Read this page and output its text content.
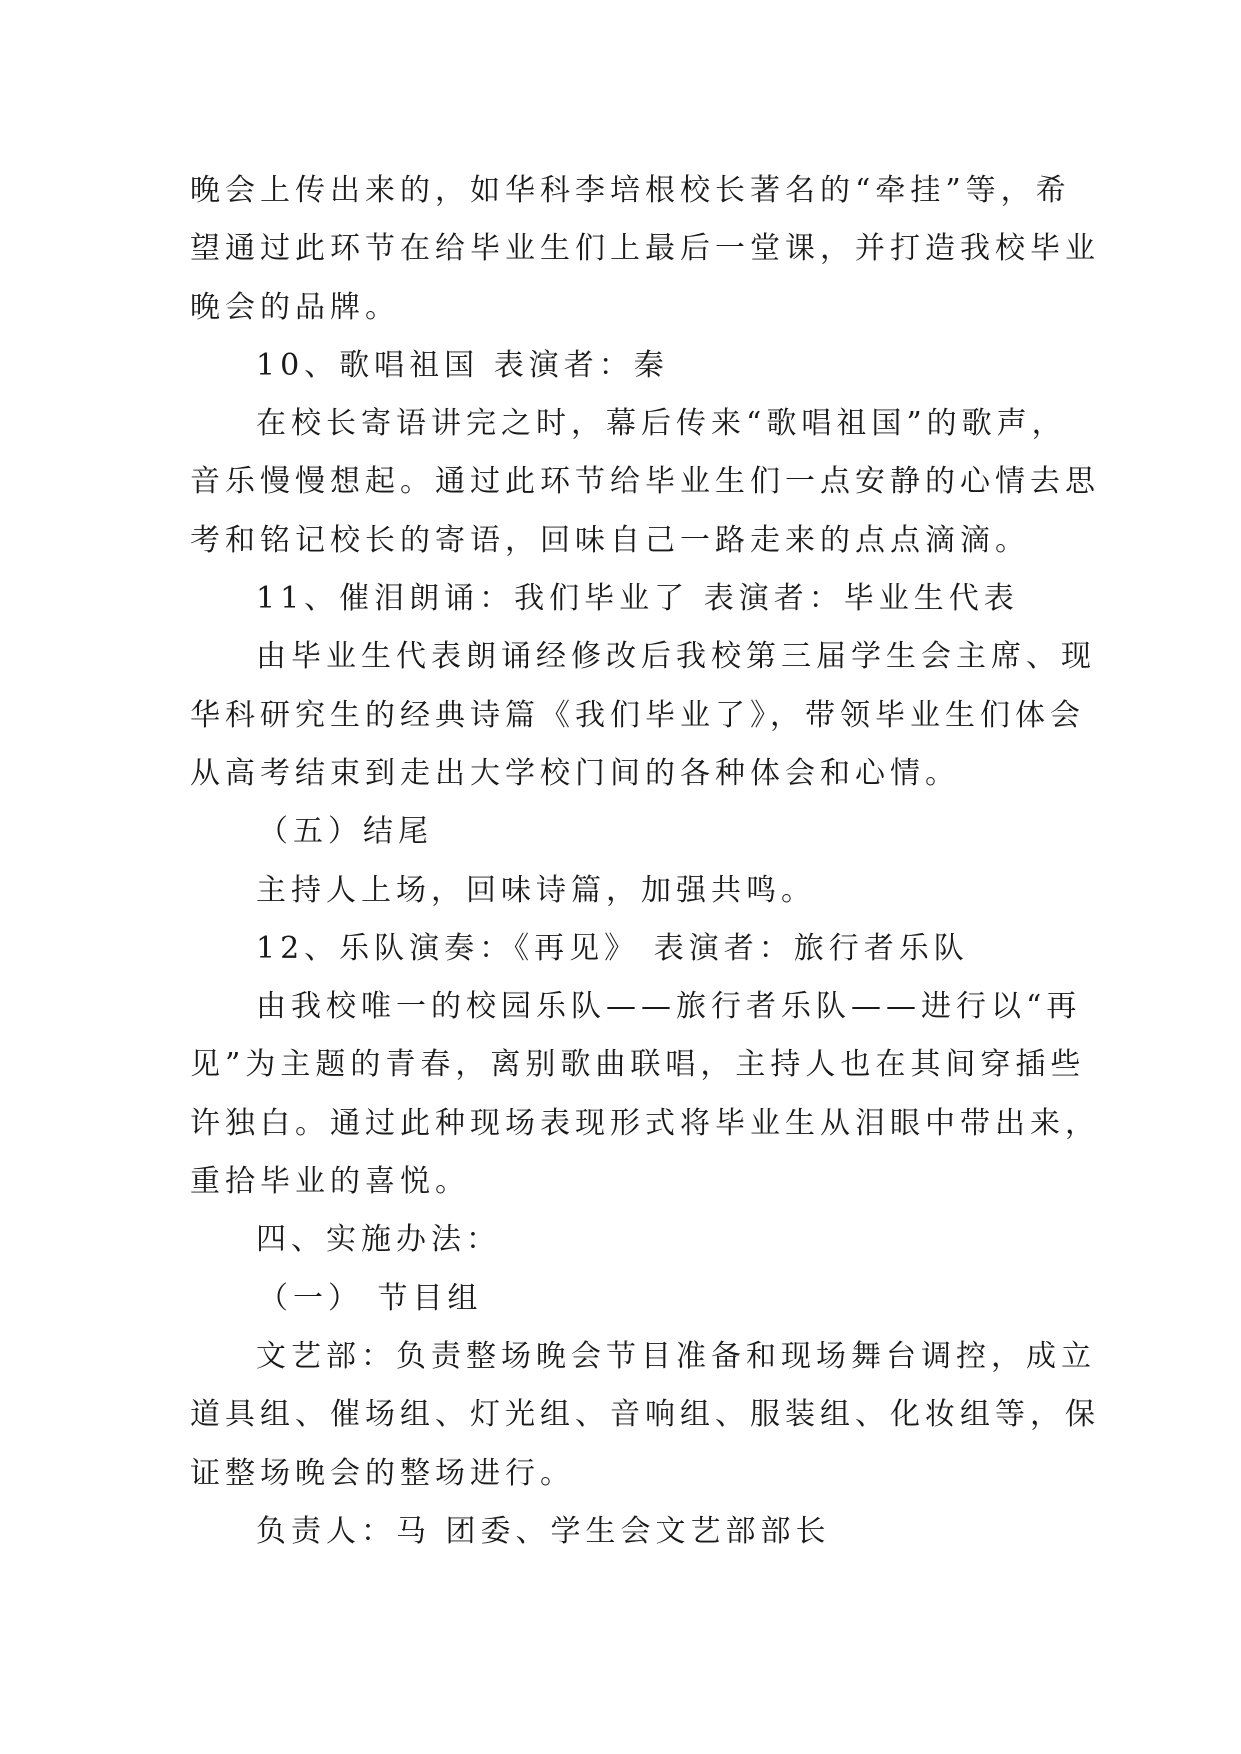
晚会上传出来的，如华科李培根校长著名的“牵挂”等，希
望通过此环节在给毕业生们上最后一堂课，并打造我校毕业
晚会的品牌。
10、歌唱祖国 表演者：秦
在校长寄语讲完之时，幕后传来“歌唱祖国”的歌声，
音乐慢慢想起。通过此环节给毕业生们一点安静的心情去思
考和铭记校长的寄语，回味自己一路走来的点点滴滴。
11、催泪朗诵：我们毕业了 表演者：毕业生代表
由毕业生代表朗诵经修改后我校第三届学生会主席、现
华科研究生的经典诗篇《我们毕业了》，带领毕业生们体会
从高考结束到走出大学校门间的各种体会和心情。
（五）结尾
主持人上场，回味诗篇，加强共鸣。
12、乐队演奏：《再见》 表演者：旅行者乐队
由我校唯一的校园乐队——旅行者乐队——进行以“再
见”为主题的青春，离别歌曲联唱，主持人也在其间穿插些
许独白。通过此种现场表现形式将毕业生从泪眼中带出来，
重拾毕业的喜悦。
四、实施办法：
（一） 节目组
文艺部：负责整场晚会节目准备和现场舞台调控，成立
道具组、催场组、灯光组、音响组、服装组、化妆组等，保
证整场晚会的整场进行。
负责人：马 团委、学生会文艺部部长
